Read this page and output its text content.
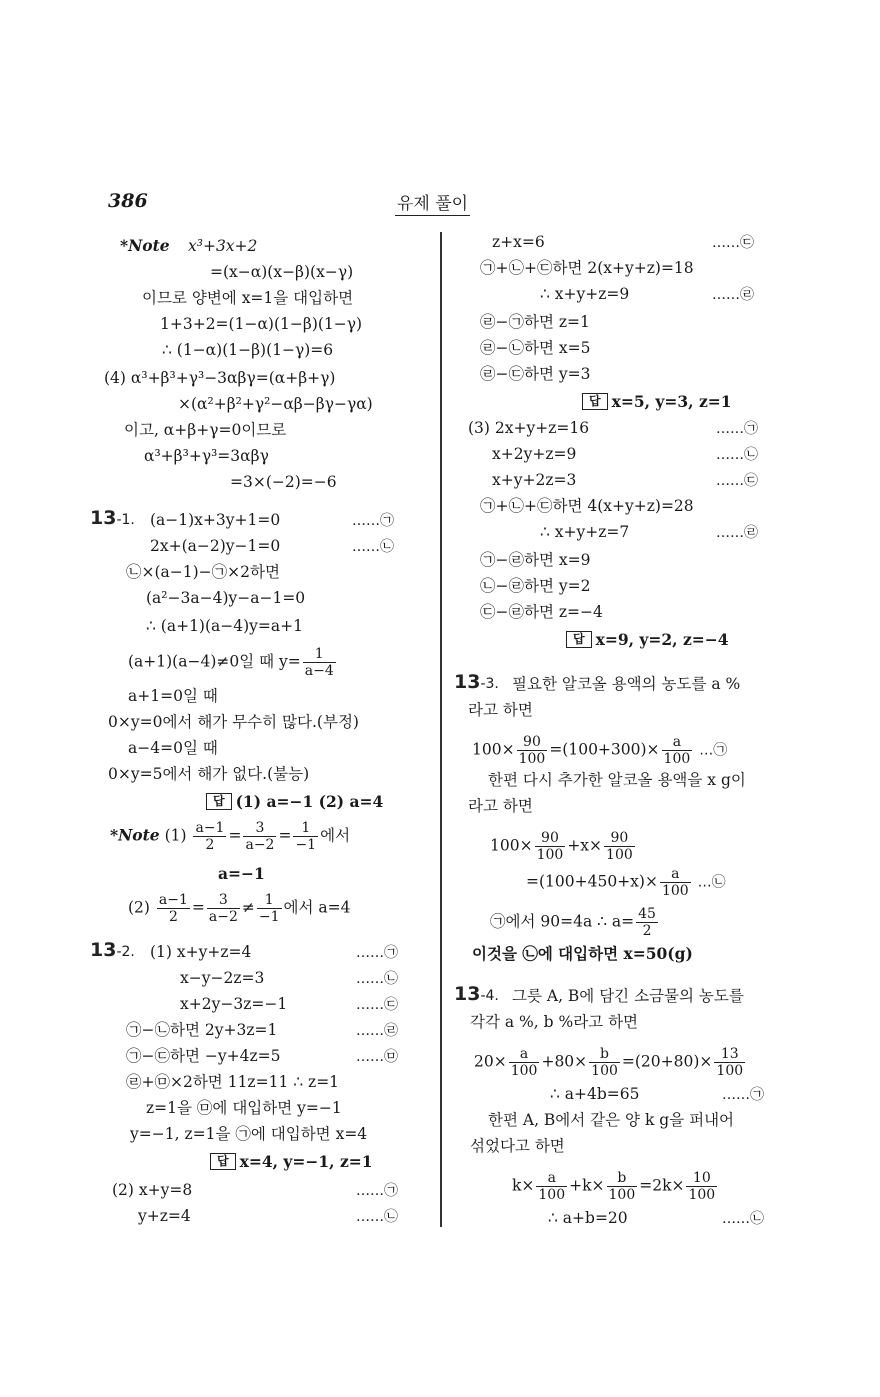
386	유제 풀이
*Note x³+3x+2
=(x−α)(x−β)(x−γ)
이므로 양변에 x=1을 대입하면
1+3+2=(1−α)(1−β)(1−γ)
∴ (1−α)(1−β)(1−γ)=6
(4) α³+β³+γ³−3αβγ=(α+β+γ)
×(α²+β²+γ²−αβ−βγ−γα)
이고, α+β+γ=0이므로
α³+β³+γ³=3αβγ
=3×(−2)=−6
13-1. (a−1)x+3y+1=0	……㉠
2x+(a−2)y−1=0	……㉡
㉡×(a−1)−㉠×2하면
(a²−3a−4)y−a−1=0
∴ (a+1)(a−4)y=a+1
(a+1)(a−4)≠0일 때 $y= \frac{1}{a-4}$
a+1=0일 때
0×y=0에서 해가 무수히 많다.(부정)
a−4=0일 때
0×y=5에서 해가 없다.(불능)
답 (1) a=−1 (2) a=4
*Note $(1) \frac{a-1}{2} = \frac{3}{a-2} = \frac{1}{-1}$ 에서
a=−1
$(2) \frac{a-1}{2} = \frac{3}{a-2} \ne \frac{1}{-1}$ 에서 a=4
13-2. (1) x+y+z=4	……㉠
x−y−2z=3	……㉡
x+2y−3z=−1	……㉢
㉠−㉡하면 2y+3z=1	……㉣
㉠−㉢하면 −y+4z=5	……㉤
㉣+㉤×2하면 11z=11 ∴ z=1
z=1을 ㉤에 대입하면 y=−1
y=−1, z=1을 ㉠에 대입하면 x=4
답 x=4, y=−1, z=1
(2) x+y=8	……㉠
y+z=4	……㉡
z+x=6	……㉢
㉠+㉡+㉢하면 2(x+y+z)=18
∴ x+y+z=9	……㉣
㉣−㉠하면 z=1
㉣−㉡하면 x=5
㉣−㉢하면 y=3
답 x=5, y=3, z=1
(3) 2x+y+z=16	……㉠
x+2y+z=9	……㉡
x+y+2z=3	……㉢
㉠+㉡+㉢하면 4(x+y+z)=28
∴ x+y+z=7	……㉣
㉠−㉣하면 x=9
㉡−㉣하면 y=2
㉢−㉣하면 z=−4
답 x=9, y=2, z=−4
13-3. 필요한 알코올 용액의 농도를 a %
라고 하면
$100\times \frac{90}{100} =(100+300)\times \frac{a}{100}$ …㉠
한편 다시 추가한 알코올 용액을 x g이
라고 하면
$100\times \frac{90}{100} +x\times \frac{90}{100}$
$=(100+450+x)\times \frac{a}{100}$ …㉡
㉠에서 90=4a ∴ $a= \frac{45}{2}$
이것을 ㉡에 대입하면 x=50(g)
13-4. 그릇 A, B에 담긴 소금물의 농도를
각각 a %, b %라고 하면
$20\times \frac{a}{100} +80\times \frac{b}{100} =(20+80)\times \frac{13}{100}$
∴ a+4b=65	……㉠
한편 A, B에서 같은 양 k g을 퍼내어
섞었다고 하면
$k\times \frac{a}{100} +k\times \frac{b}{100} =2k\times \frac{10}{100}$
∴ a+b=20	……㉡
